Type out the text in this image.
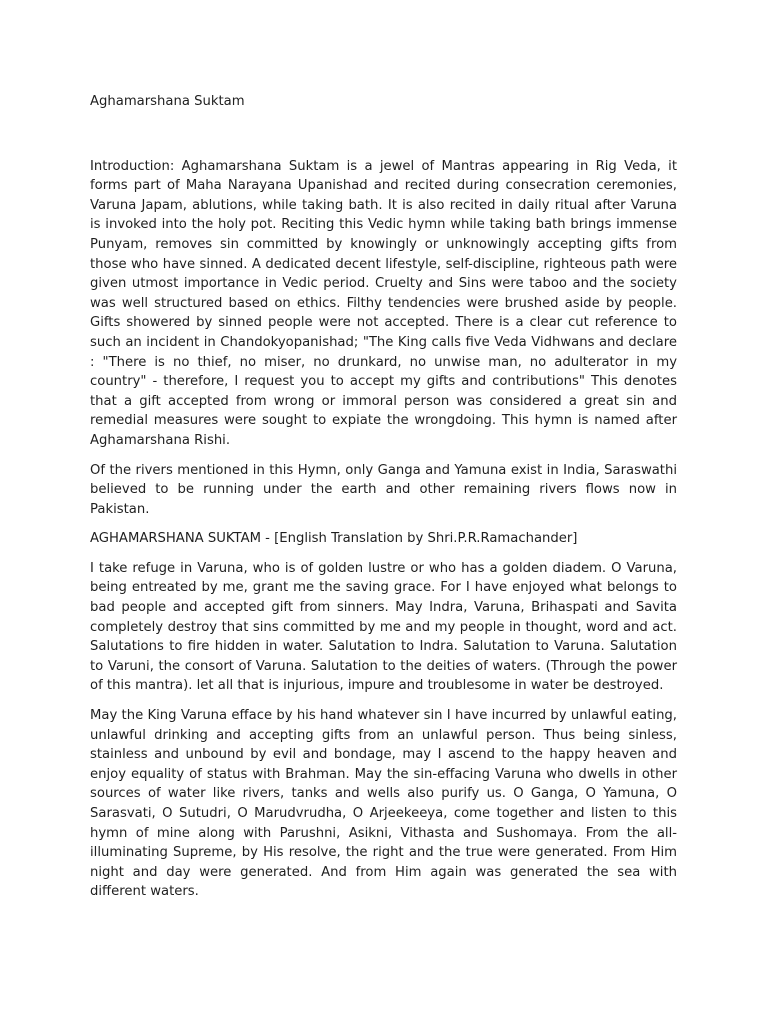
Aghamarshana Suktam

Introduction: Aghamarshana Suktam is a jewel of Mantras appearing in Rig Veda, it forms part of Maha Narayana Upanishad and recited during consecration ceremonies, Varuna Japam, ablutions, while taking bath. It is also recited in daily ritual after Varuna is invoked into the holy pot. Reciting this Vedic hymn while taking bath brings immense Punyam, removes sin committed by knowingly or unknowingly accepting gifts from those who have sinned. A dedicated decent lifestyle, self-discipline, righteous path were given utmost importance in Vedic period. Cruelty and Sins were taboo and the society was well structured based on ethics. Filthy tendencies were brushed aside by people. Gifts showered by sinned people were not accepted. There is a clear cut reference to such an incident in Chandokyopanishad; "The King calls five Veda Vidhwans and declare : "There is no thief, no miser, no drunkard, no unwise man, no adulterator in my country" - therefore, I request you to accept my gifts and contributions" This denotes that a gift accepted from wrong or immoral person was considered a great sin and remedial measures were sought to expiate the wrongdoing. This hymn is named after Aghamarshana Rishi.

Of the rivers mentioned in this Hymn, only Ganga and Yamuna exist in India, Saraswathi believed to be running under the earth and other remaining rivers flows now in Pakistan.

AGHAMARSHANA SUKTAM - [English Translation by Shri.P.R.Ramachander]

I take refuge in Varuna, who is of golden lustre or who has a golden diadem. O Varuna, being entreated by me, grant me the saving grace. For I have enjoyed what belongs to bad people and accepted gift from sinners. May Indra, Varuna, Brihaspati and Savita completely destroy that sins committed by me and my people in thought, word and act. Salutations to fire hidden in water. Salutation to Indra. Salutation to Varuna. Salutation to Varuni, the consort of Varuna. Salutation to the deities of waters. (Through the power of this mantra). let all that is injurious, impure and troublesome in water be destroyed.

May the King Varuna efface by his hand whatever sin I have incurred by unlawful eating, unlawful drinking and accepting gifts from an unlawful person. Thus being sinless, stainless and unbound by evil and bondage, may I ascend to the happy heaven and enjoy equality of status with Brahman. May the sin-effacing Varuna who dwells in other sources of water like rivers, tanks and wells also purify us. O Ganga, O Yamuna, O Sarasvati, O Sutudri, O Marudvrudha, O Arjeekeeya, come together and listen to this hymn of mine along with Parushni, Asikni, Vithasta and Sushomaya. From the all-illuminating Supreme, by His resolve, the right and the true were generated. From Him night and day were generated. And from Him again was generated the sea with different waters.
